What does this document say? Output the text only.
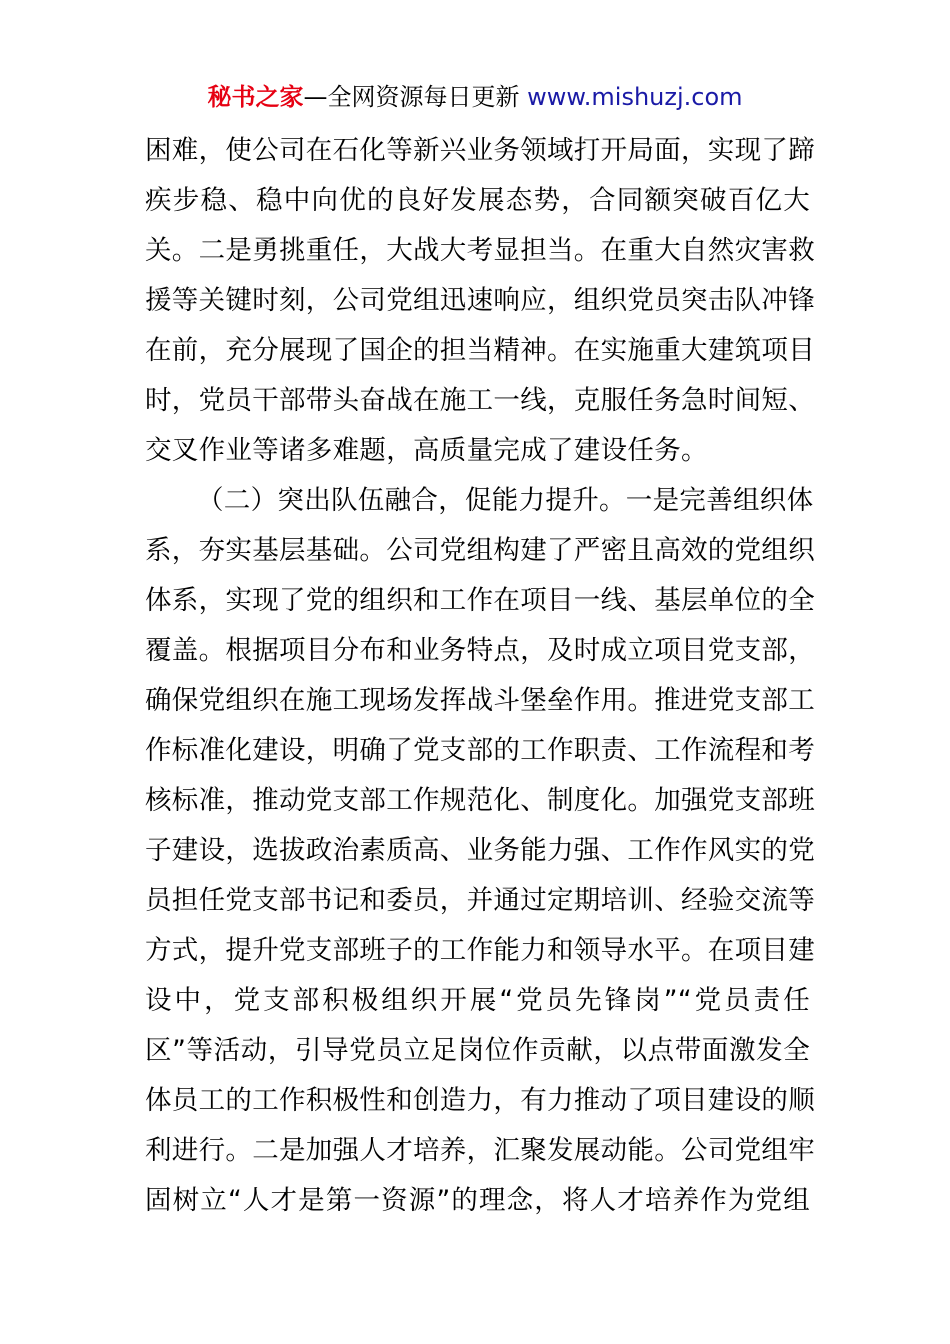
秘书之家—全网资源每日更新 www.mishuzj.com
困难，使公司在石化等新兴业务领域打开局面，实现了蹄
疾步稳、稳中向优的良好发展态势，合同额突破百亿大
关。二是勇挑重任，大战大考显担当。在重大自然灾害救
援等关键时刻，公司党组迅速响应，组织党员突击队冲锋
在前，充分展现了国企的担当精神。在实施重大建筑项目
时，党员干部带头奋战在施工一线，克服任务急时间短、
交叉作业等诸多难题，高质量完成了建设任务。
（二）突出队伍融合，促能力提升。一是完善组织体
系，夯实基层基础。公司党组构建了严密且高效的党组织
体系，实现了党的组织和工作在项目一线、基层单位的全
覆盖。根据项目分布和业务特点，及时成立项目党支部，
确保党组织在施工现场发挥战斗堡垒作用。推进党支部工
作标准化建设，明确了党支部的工作职责、工作流程和考
核标准，推动党支部工作规范化、制度化。加强党支部班
子建设，选拔政治素质高、业务能力强、工作作风实的党
员担任党支部书记和委员，并通过定期培训、经验交流等
方式，提升党支部班子的工作能力和领导水平。在项目建
设中，党支部积极组织开展“党员先锋岗”“党员责任
区”等活动，引导党员立足岗位作贡献，以点带面激发全
体员工的工作积极性和创造力，有力推动了项目建设的顺
利进行。二是加强人才培养，汇聚发展动能。公司党组牢
固树立“人才是第一资源”的理念，将人才培养作为党组
